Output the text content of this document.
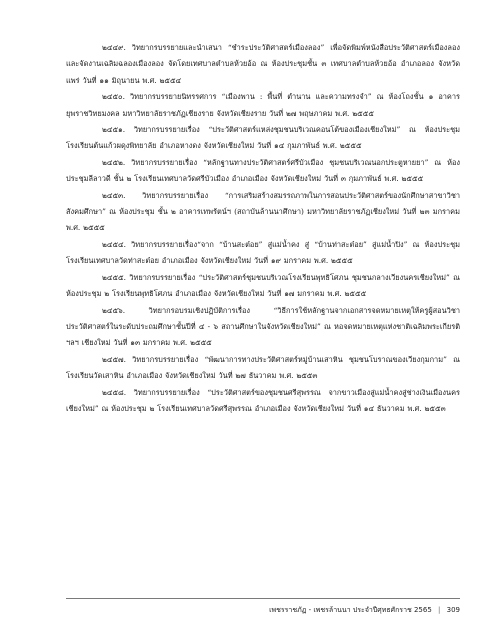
๒๔๔๙. วิทยากรบรรยายและนำเสนา “ชำระประวัติศาสตร์เมืองลอง” เพื่อจัดพิมพ์หนังสือประวัติศาสตร์เมืองลองและจัดงานเฉลิมฉลองเมืองลอง จัดโดยเทศบาลตำบลห้วยอ้อ ณ ห้องประชุมชั้น ๓ เทศบาลตำบลห้วยอ้อ อำเภอลอง จังหวัดแพร่ วันที่ ๑๑ มิถุนายน พ.ศ. ๒๕๕๔

๒๔๕๐. วิทยากรบรรยายนิทรรศการ “เมืองพาน : พื้นที่ ตำนาน และความทรงจำ” ณ ห้องโถงชั้น ๑ อาคารยุพราชวิทยมงคล มหาวิทยาลัยราชภัฏเชียงราย จังหวัดเชียงราย วันที่ ๒๗ พฤษภาคม พ.ศ. ๒๕๕๕

๒๔๕๑. วิทยากรบรรยายเรื่อง “ประวัติศาสตร์แหล่งชุมชนบริเวณคอนโต้ของเมืองเชียงใหม่” ณ ห้องประชุม โรงเรียนต้นแก้วผดุงพิทยาลัย อำเภอหางดง จังหวัดเชียงใหม่ วันที่ ๑๔ กุมภาพันธ์ พ.ศ. ๒๕๕๕

๒๔๕๒. วิทยากรบรรยายเรื่อง “หลักฐานทางประวัติศาสตร์ศรีบัวเมือง ชุมชนบริเวณนอกประตูหายยา” ณ ห้องประชุมลีลาวดี ชั้น ๒ โรงเรียนเทศบาลวัดศรีบัวเมือง อำเภอเมือง จังหวัดเชียงใหม่ วันที่ ๓ กุมภาพันธ์ พ.ศ. ๒๕๕๕

๒๔๕๓. วิทยากรบรรยายเรื่อง “การเสริมสร้างสมรรถภาพในการสอนประวัติศาสตร์ของนักศึกษาสาขาวิชาสังคมศึกษา” ณ ห้องประชุม ชั้น ๒ อาคารเทพรัตน์ฯ (สถาบันล้านนาศึกษา) มหาวิทยาลัยราชภัฏเชียงใหม่ วันที่ ๒๓ มกราคม พ.ศ. ๒๕๕๕

๒๔๕๔. วิทยากรบรรยายเรื่อง“จาก “บ้านสะต๋อย” สู่แม่น้ำคง สู่ “บ้านท่าสะต๋อย” สู่แม่น้ำปิง” ณ ห้องประชุม โรงเรียนเทศบาลวัดท่าสะต๋อย อำเภอเมือง จังหวัดเชียงใหม่ วันที่ ๑๙ มกราคม พ.ศ. ๒๕๕๕

๒๔๕๕. วิทยากรบรรยายเรื่อง “ประวัติศาสตร์ชุมชนบริเวณโรงเรียนพุทธิโศภน ชุมชนกลางเวียงนครเชียงใหม่” ณ ห้องประชุม ๒ โรงเรียนพุทธิโศภน อำเภอเมือง จังหวัดเชียงใหม่ วันที่ ๑๗ มกราคม พ.ศ. ๒๕๕๕

๒๔๕๖. วิทยากรอบรมเชิงปฏิบัติการเรื่อง “วิธีการใช้หลักฐานจากเอกสารจดหมายเหตุให้ครูผู้สอนวิชาประวัติศาสตร์ในระดับประถมศึกษาชั้นปีที่ ๔ - ๖ สถานศึกษาในจังหวัดเชียงใหม่” ณ หอจดหมายเหตุแห่งชาติเฉลิมพระเกียรติ ฯลฯ เชียงใหม่ วันที่ ๑๓ มกราคม พ.ศ. ๒๕๕๕

๒๔๕๗. วิทยากรบรรยายเรื่อง “พัฒนาการทางประวัติศาสตร์หมู่บ้านเสาหิน ชุมชนโบราณของเวียงกุมกาม” ณ โรงเรียนวัดเสาหิน อำเภอเมือง จังหวัดเชียงใหม่ วันที่ ๒๗ ธันวาคม พ.ศ. ๒๕๕๓

๒๔๕๘. วิทยากรบรรยายเรื่อง “ประวัติศาสตร์ของชุมชนศรีสุพรรณ จากขาวเมืองสู่แม่น้ำคงสู่ช่างเงินเมืองนครเชียงใหม่” ณ ห้องประชุม ๒ โรงเรียนเทศบาลวัดศรีสุพรรณ อำเภอเมือง จังหวัดเชียงใหม่ วันที่ ๑๔ ธันวาคม พ.ศ. ๒๕๕๓

เพชรราชภัฏ - เพชรล้านนา ประจำปีศุทธศักราช 2565 | 309
